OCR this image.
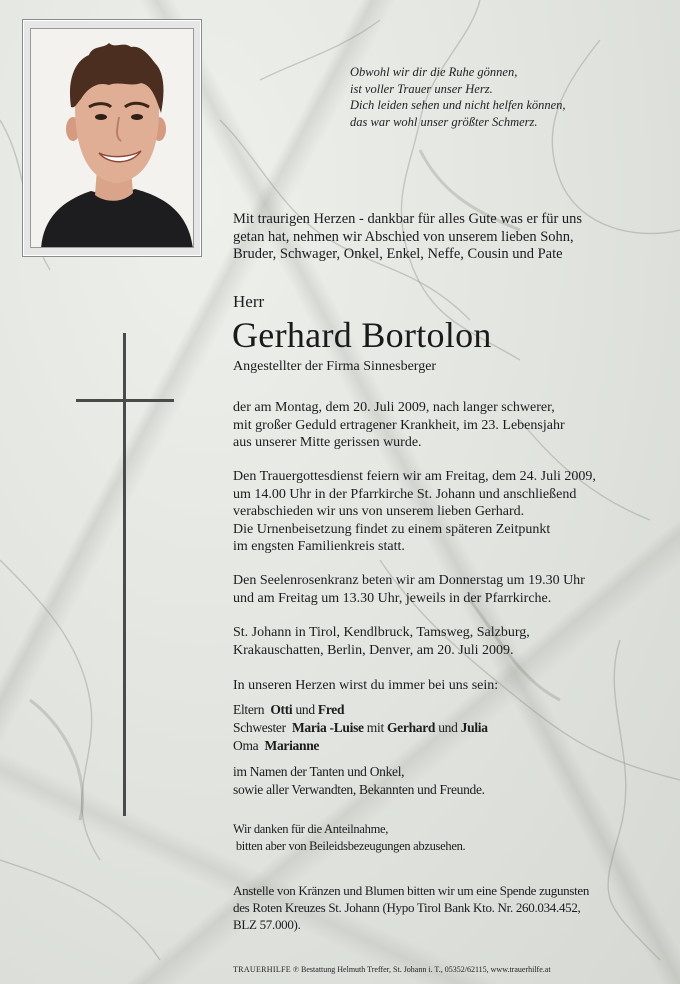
Obwohl wir dir die Ruhe gönnen,
ist voller Trauer unser Herz.
Dich leiden sehen und nicht helfen können,
das war wohl unser größter Schmerz.
Mit traurigen Herzen - dankbar für alles Gute was er für uns
getan hat, nehmen wir Abschied von unserem lieben Sohn,
Bruder, Schwager, Onkel, Enkel, Neffe, Cousin und Pate
Herr
Gerhard Bortolon
Angestellter der Firma Sinnesberger
der am Montag, dem 20. Juli 2009, nach langer schwerer,
mit großer Geduld ertragener Krankheit, im 23. Lebensjahr
aus unserer Mitte gerissen wurde.
Den Trauergottesdienst feiern wir am Freitag, dem 24. Juli 2009,
um 14.00 Uhr in der Pfarrkirche St. Johann und anschließend
verabschieden wir uns von unserem lieben Gerhard.
Die Urnenbeisetzung findet zu einem späteren Zeitpunkt
im engsten Familienkreis statt.
Den Seelenrosenkranz beten wir am Donnerstag um 19.30 Uhr
und am Freitag um 13.30 Uhr, jeweils in der Pfarrkirche.
St. Johann in Tirol, Kendlbruck, Tamsweg, Salzburg,
Krakauschatten, Berlin, Denver, am 20. Juli 2009.
In unseren Herzen wirst du immer bei uns sein:
Eltern Otti und Fred
Schwester Maria -Luise mit Gerhard und Julia
Oma Marianne
im Namen der Tanten und Onkel,
sowie aller Verwandten, Bekannten und Freunde.
Wir danken für die Anteilnahme,
bitten aber von Beileidsbezeugungen abzusehen.
Anstelle von Kränzen und Blumen bitten wir um eine Spende zugunsten
des Roten Kreuzes St. Johann (Hypo Tirol Bank Kto. Nr. 260.034.452,
BLZ 57.000).
TRAUERHILFE ℗ Bestattung Helmuth Treffer, St. Johann i. T., 05352/62115, www.trauerhilfe.at
